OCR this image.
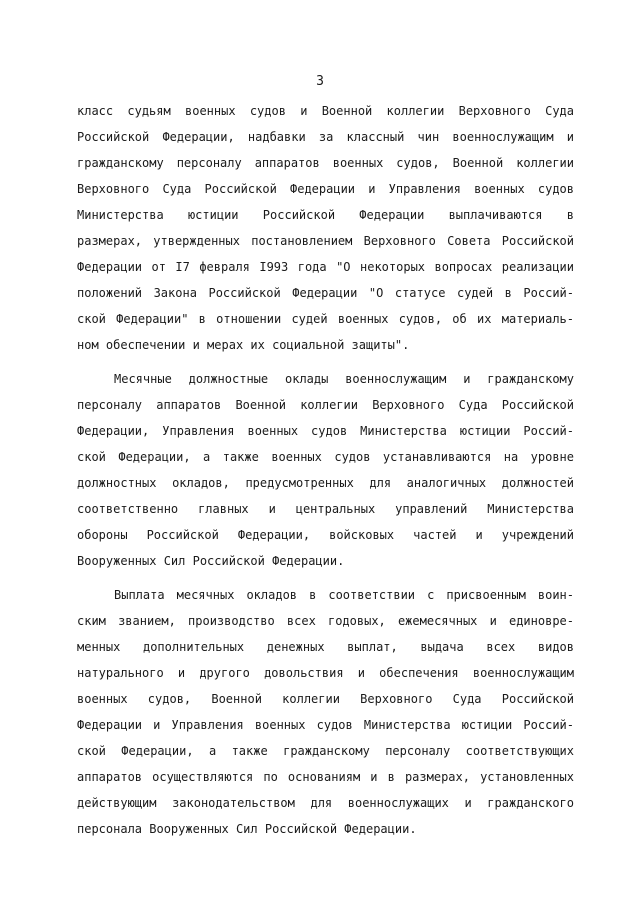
3
класс судьям военных судов и Военной коллегии Верховного Суда
Российской Федерации, надбавки за классный чин военнослужащим и
гражданскому персоналу аппаратов военных судов, Военной коллегии
Верховного Суда Российской Федерации и Управления военных судов
Министерства юстиции Российской Федерации выплачиваются в
размерах, утвержденных постановлением Верховного Совета Российской
Федерации от I7 февраля I993 года "О некоторых вопросах реализации
положений Закона Российской Федерации "О статусе судей в Россий-
ской Федерации" в отношении судей военных судов, об их материаль-
ном обеспечении и мерах их социальной защиты".
Месячные должностные оклады военнослужащим и гражданскому
персоналу аппаратов Военной коллегии Верховного Суда Российской
Федерации, Управления военных судов Министерства юстиции Россий-
ской Федерации, а также военных судов устанавливаются на уровне
должностных окладов, предусмотренных для аналогичных должностей
соответственно главных и центральных управлений Министерства
обороны Российской Федерации, войсковых частей и учреждений
Вооруженных Сил Российской Федерации.
Выплата месячных окладов в соответствии с присвоенным воин-
ским званием, производство всех годовых, ежемесячных и единовре-
менных дополнительных денежных выплат, выдача всех видов
натурального и другого довольствия и обеспечения военнослужащим
военных судов, Военной коллегии Верховного Суда Российской
Федерации и Управления военных судов Министерства юстиции Россий-
ской Федерации, а также гражданскому персоналу соответствующих
аппаратов осуществляются по основаниям и в размерах, установленных
действующим законодательством для военнослужащих и гражданского
персонала Вооруженных Сил Российской Федерации.
